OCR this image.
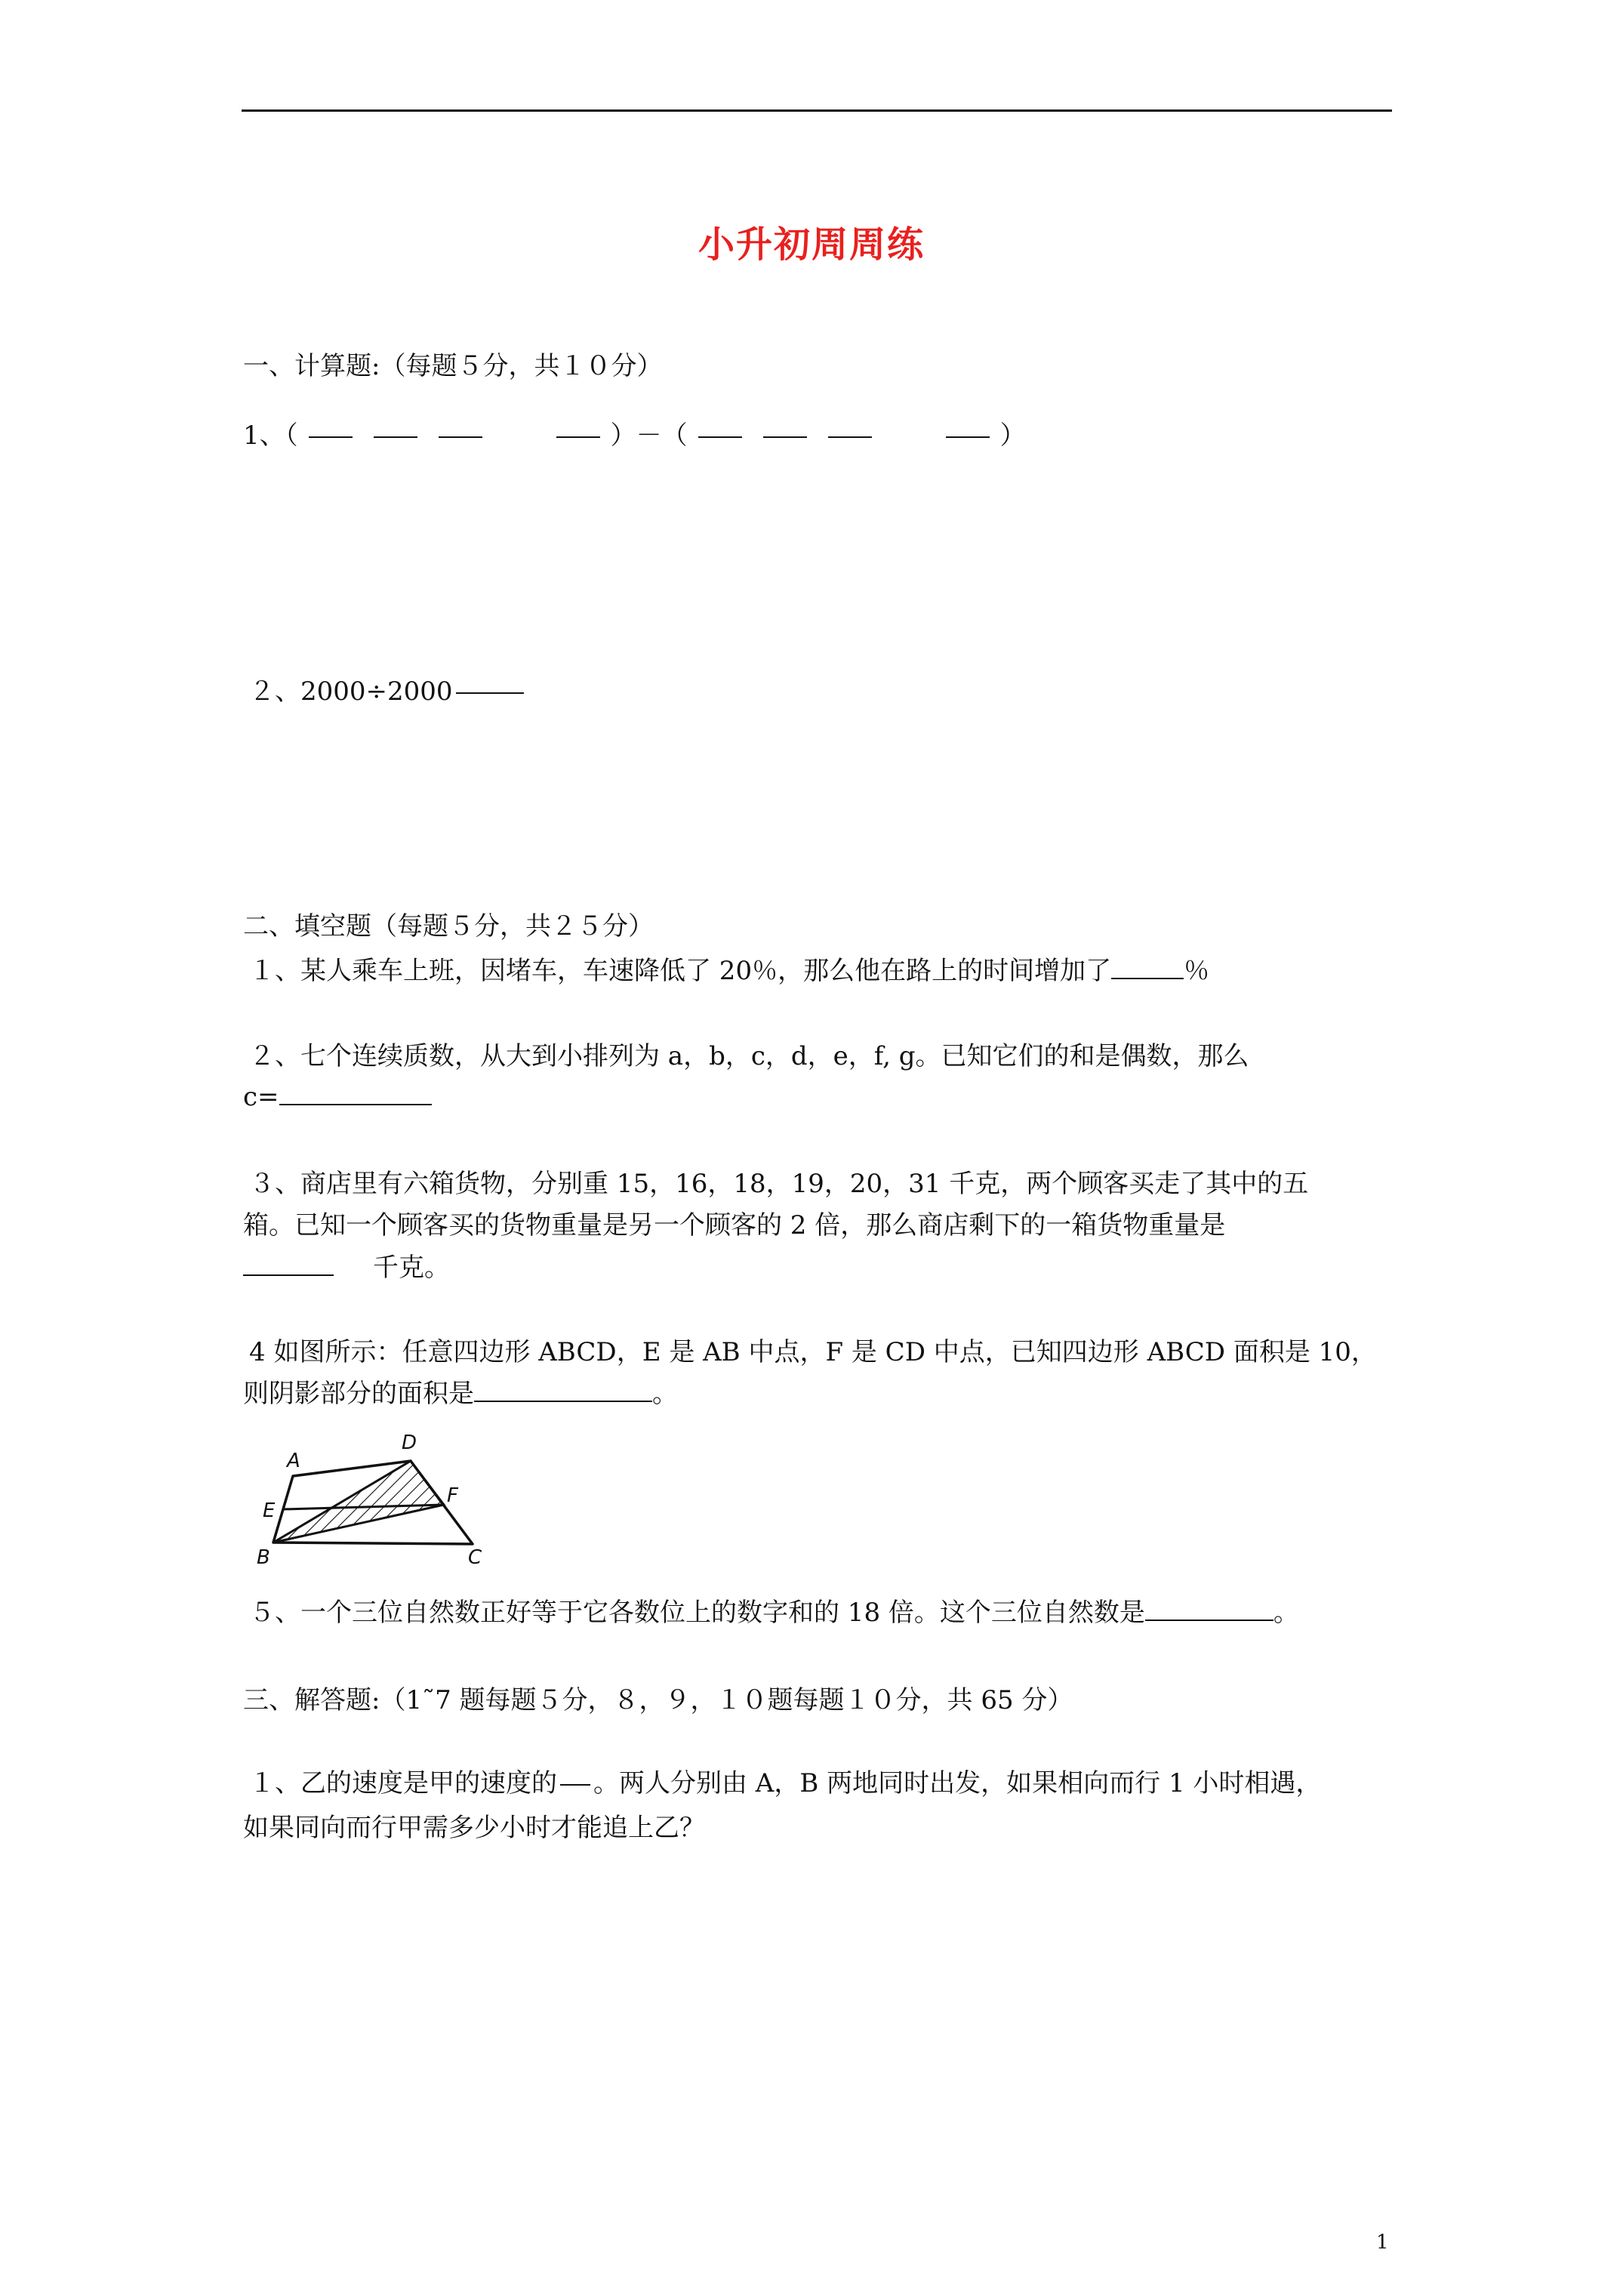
小升初周周练
一、计算题:（每题５分，共１０分）
1、（	）－（	）
２、2000÷2000
二、填空题（每题５分，共２５分）
１、某人乘车上班，因堵车，车速降低了 20％，那么他在路上的时间增加了	％
２、七个连续质数，从大到小排列为 a，b，c，d，e，f, g。已知它们的和是偶数，那么
c=
３、商店里有六箱货物，分别重 15，16，18，19，20，31 千克，两个顾客买走了其中的五
箱。已知一个顾客买的货物重量是另一个顾客的 2 倍，那么商店剩下的一箱货物重量是
千克。
4 如图所示：任意四边形 ABCD，E 是 AB 中点，F 是 CD 中点，已知四边形 ABCD 面积是 10，
则阴影部分的面积是	。
A
D
E
F
B	C
５、一个三位自然数正好等于它各数位上的数字和的 18 倍。这个三位自然数是	。
三、解答题:（1˜7 题每题５分，８，９，１０题每题１０分，共 65 分）
１、乙的速度是甲的速度的 。两人分别由 A，B 两地同时出发，如果相向而行 1 小时相遇，
如果同向而行甲需多少小时才能追上乙？
1
